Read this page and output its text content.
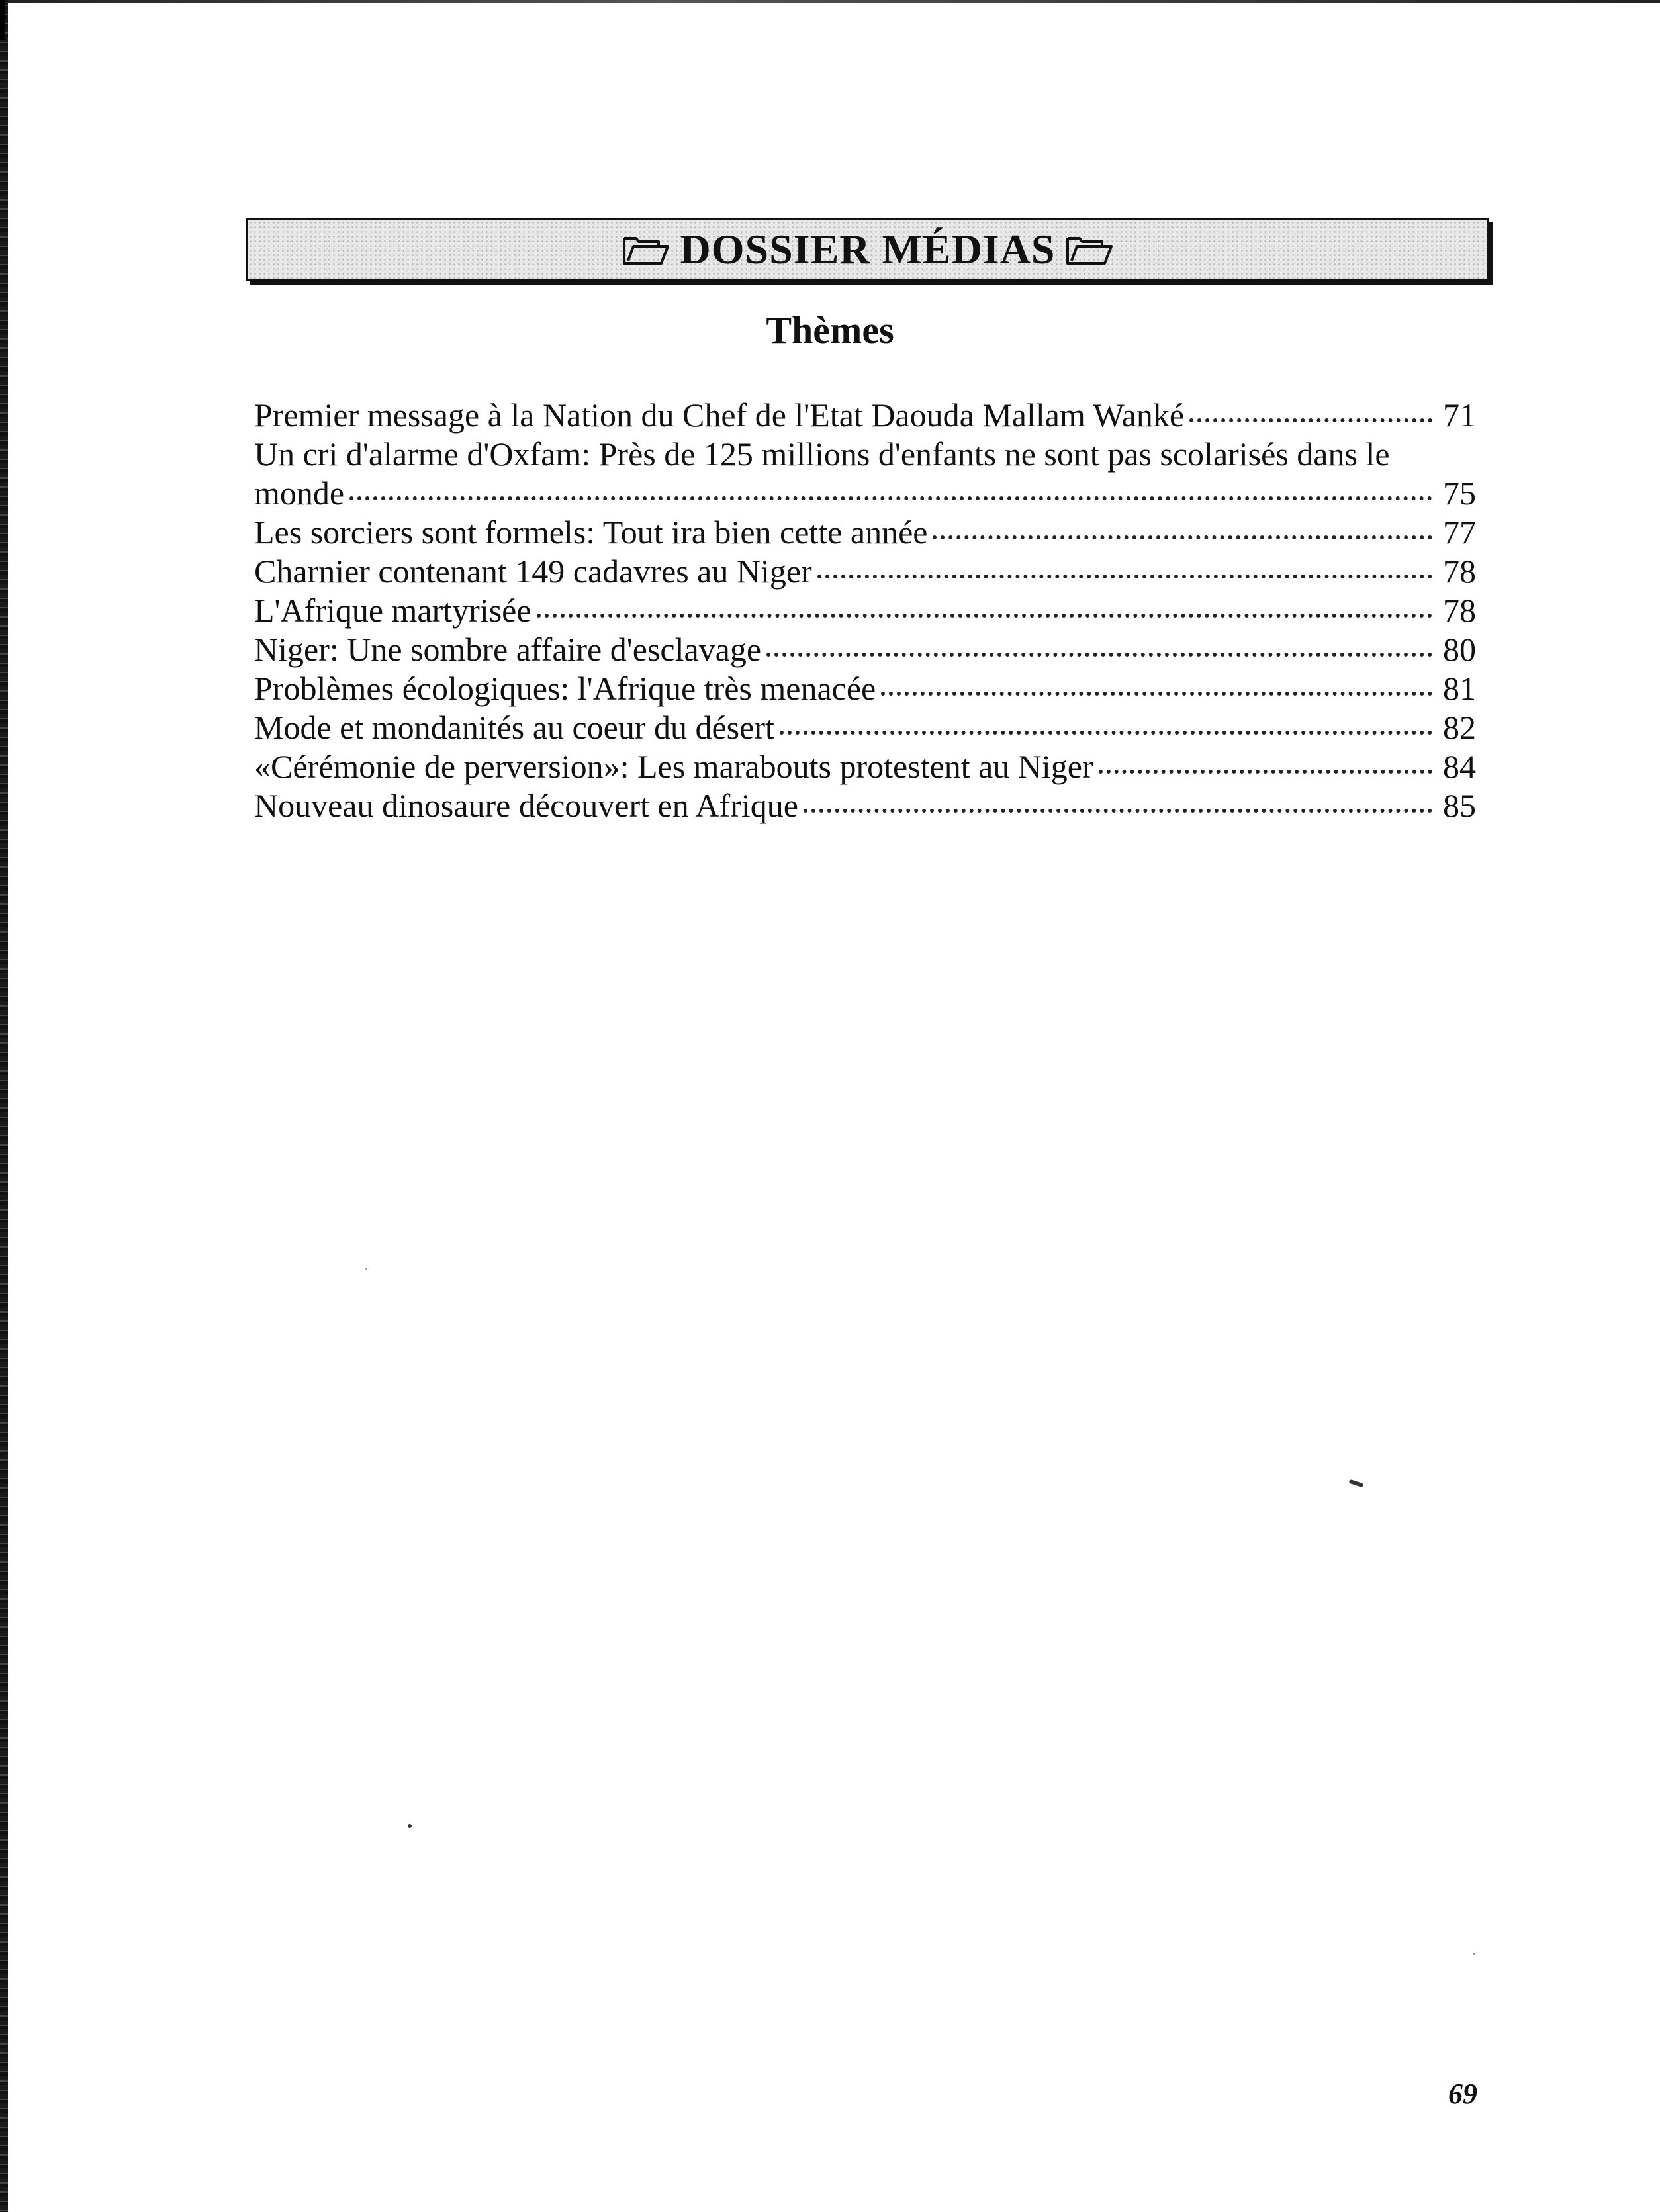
DOSSIER MÉDIAS
Thèmes
Premier message à la Nation du Chef de l'Etat Daouda Mallam Wanké	71
Un cri d'alarme d'Oxfam: Près de 125 millions d'enfants ne sont pas scolarisés dans le
monde	75
Les sorciers sont formels: Tout ira bien cette année	77
Charnier contenant 149 cadavres au Niger	78
L'Afrique martyrisée	78
Niger: Une sombre affaire d'esclavage	80
Problèmes écologiques: l'Afrique très menacée	81
Mode et mondanités au coeur du désert	82
«Cérémonie de perversion»: Les marabouts protestent au Niger	84
Nouveau dinosaure découvert en Afrique	85
69
